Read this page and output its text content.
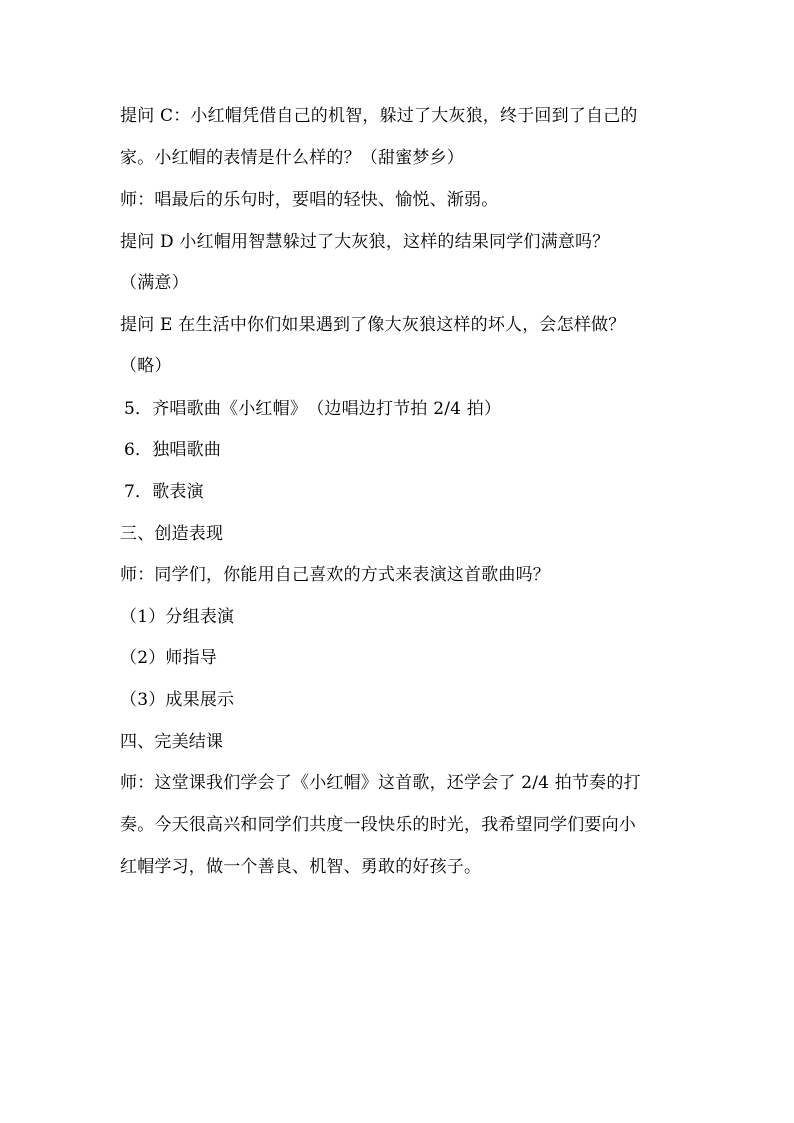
提问 C：小红帽凭借自己的机智，躲过了大灰狼，终于回到了自己的
家。小红帽的表情是什么样的？（甜蜜梦乡）
师：唱最后的乐句时，要唱的轻快、愉悦、渐弱。
提问 D 小红帽用智慧躲过了大灰狼，这样的结果同学们满意吗？
（满意）
提问 E 在生活中你们如果遇到了像大灰狼这样的坏人，会怎样做？
（略）
5．齐唱歌曲《小红帽》　（边唱边打节拍 2/4 拍）
6．独唱歌曲
7．歌表演
三、创造表现
师：同学们，你能用自己喜欢的方式来表演这首歌曲吗？
（1）分组表演
（2）师指导
（3）成果展示
四、完美结课
师：这堂课我们学会了《小红帽》这首歌，还学会了 2/4 拍节奏的打
奏。今天很高兴和同学们共度一段快乐的时光，我希望同学们要向小
红帽学习，做一个善良、机智、勇敢的好孩子。
